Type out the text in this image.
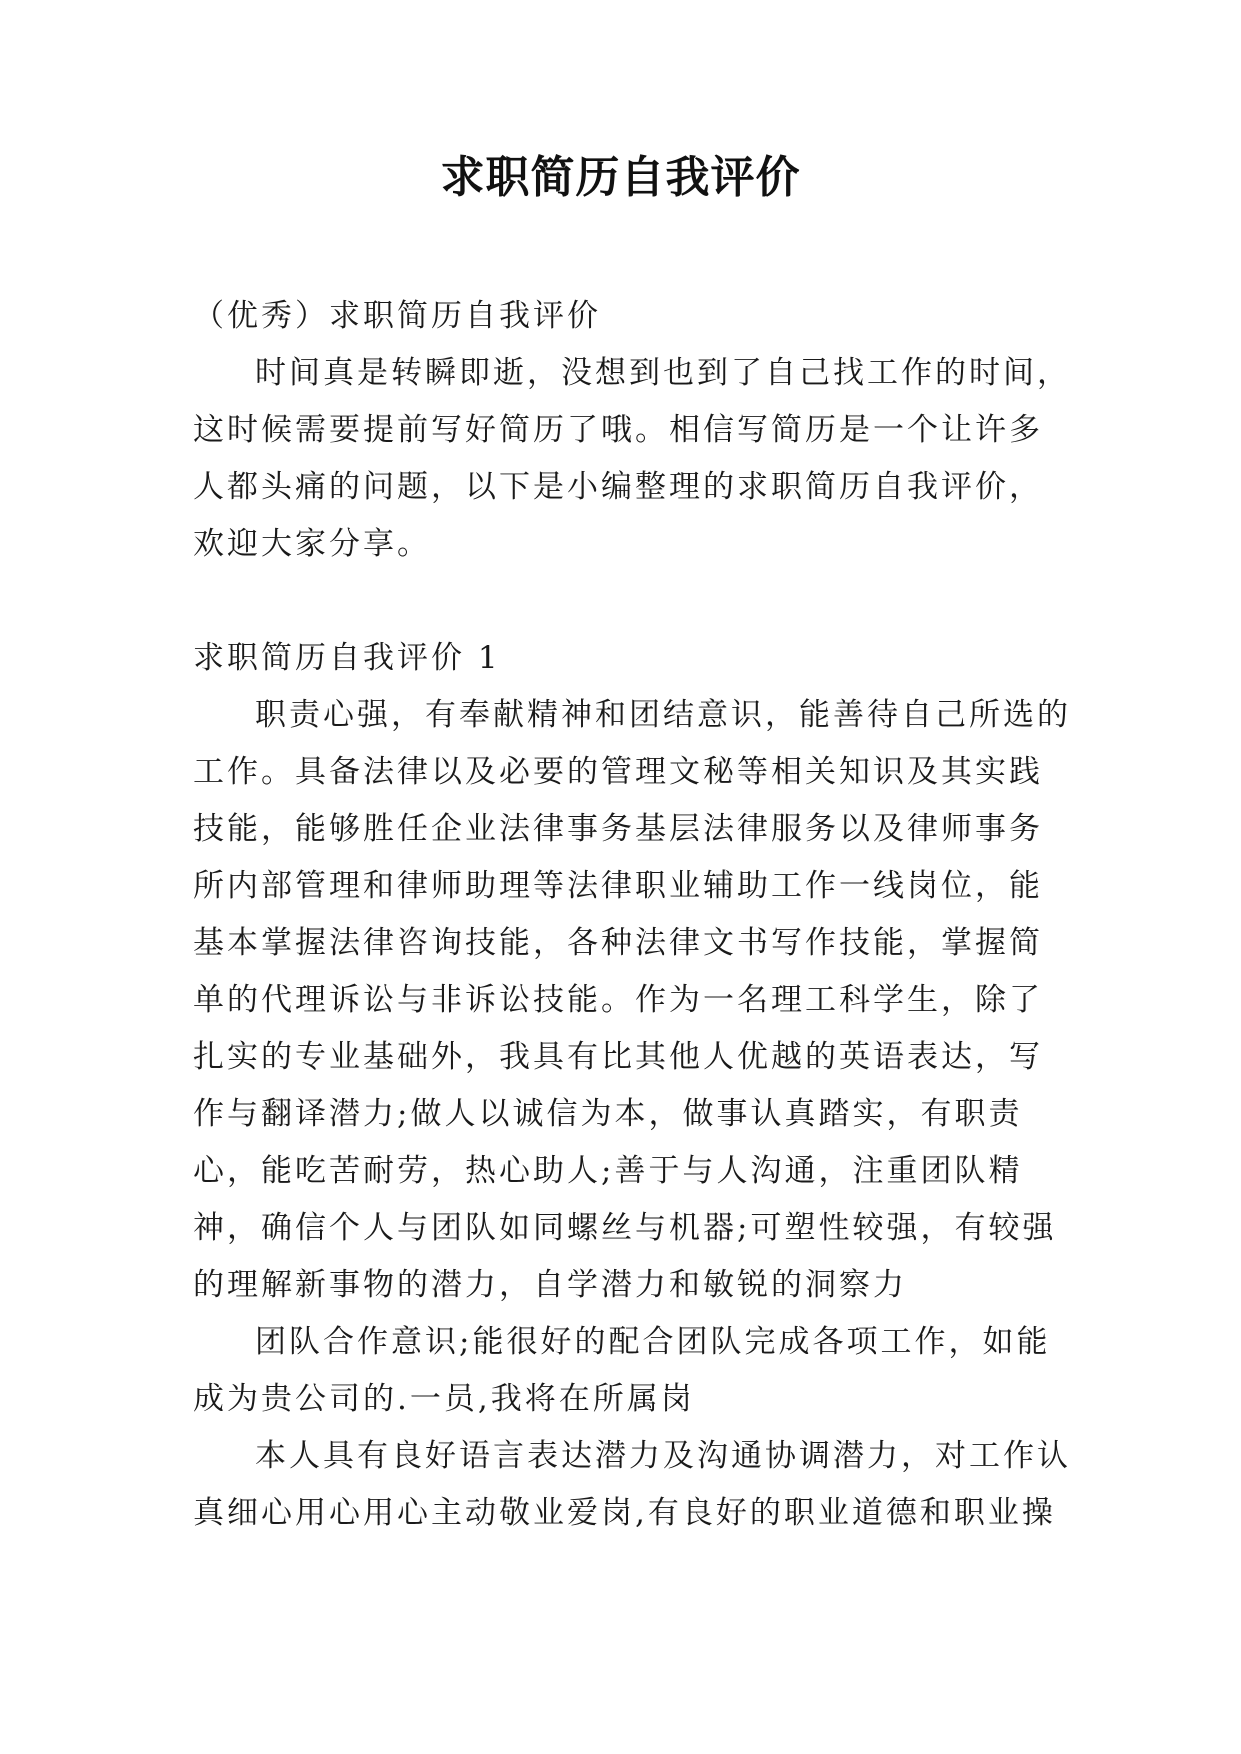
求职简历自我评价

（优秀）求职简历自我评价

时间真是转瞬即逝，没想到也到了自己找工作的时间，这时候需要提前写好简历了哦。相信写简历是一个让许多人都头痛的问题，以下是小编整理的求职简历自我评价，欢迎大家分享。

求职简历自我评价 1

职责心强，有奉献精神和团结意识，能善待自己所选的工作。具备法律以及必要的管理文秘等相关知识及其实践技能，能够胜任企业法律事务基层法律服务以及律师事务所内部管理和律师助理等法律职业辅助工作一线岗位，能基本掌握法律咨询技能，各种法律文书写作技能，掌握简单的代理诉讼与非诉讼技能。作为一名理工科学生，除了扎实的专业基础外，我具有比其他人优越的英语表达，写作与翻译潜力;做人以诚信为本，做事认真踏实，有职责心，能吃苦耐劳，热心助人;善于与人沟通，注重团队精神，确信个人与团队如同螺丝与机器;可塑性较强，有较强的理解新事物的潜力，自学潜力和敏锐的洞察力

团队合作意识;能很好的配合团队完成各项工作，如能成为贵公司的.一员,我将在所属岗

本人具有良好语言表达潜力及沟通协调潜力，对工作认真细心用心用心主动敬业爱岗,有良好的职业道德和职业操
